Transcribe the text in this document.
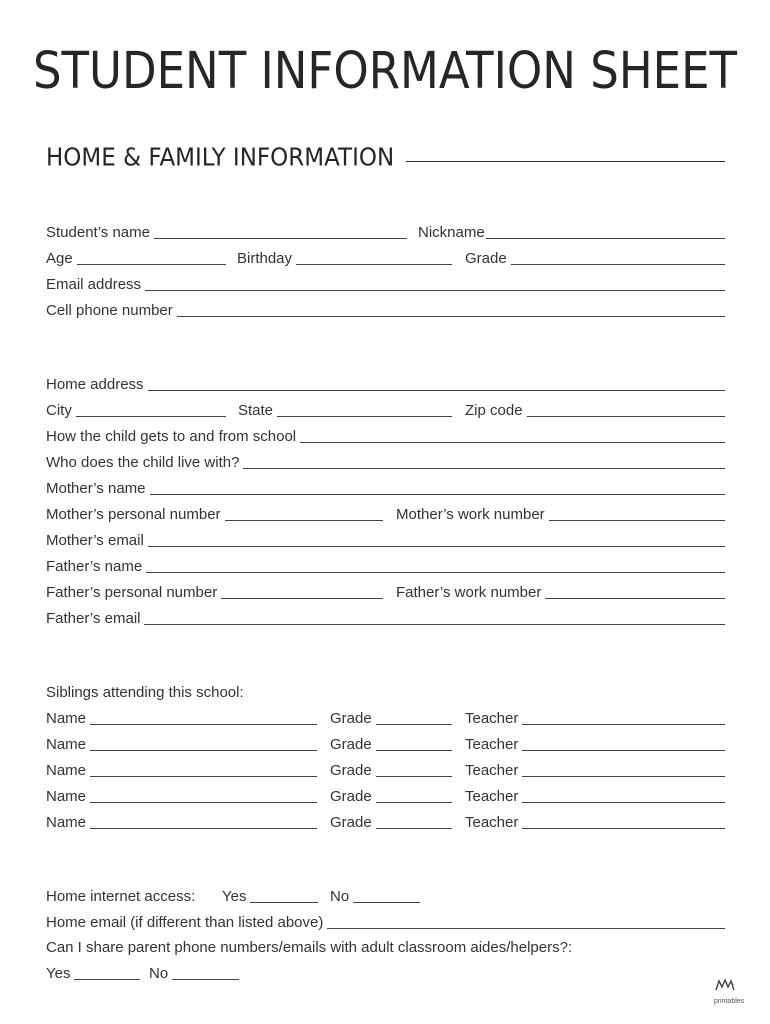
STUDENT INFORMATION SHEET
HOME & FAMILY INFORMATION
Student’s name	Nickname
Age	Birthday	Grade
Email address
Cell phone number
Home address
City	State	Zip code
How the child gets to and from school
Who does the child live with?
Mother’s name
Mother’s personal number	Mother’s work number
Mother’s email
Father’s name
Father’s personal number	Father’s work number
Father’s email
Siblings attending this school:
Name	Grade	Teacher
Name	Grade	Teacher
Name	Grade	Teacher
Name	Grade	Teacher
Name	Grade	Teacher
Home internet access: Yes	No
Home email (if different than listed above)
Can I share parent phone numbers/emails with adult classroom aides/helpers?:
Yes	No
printables
